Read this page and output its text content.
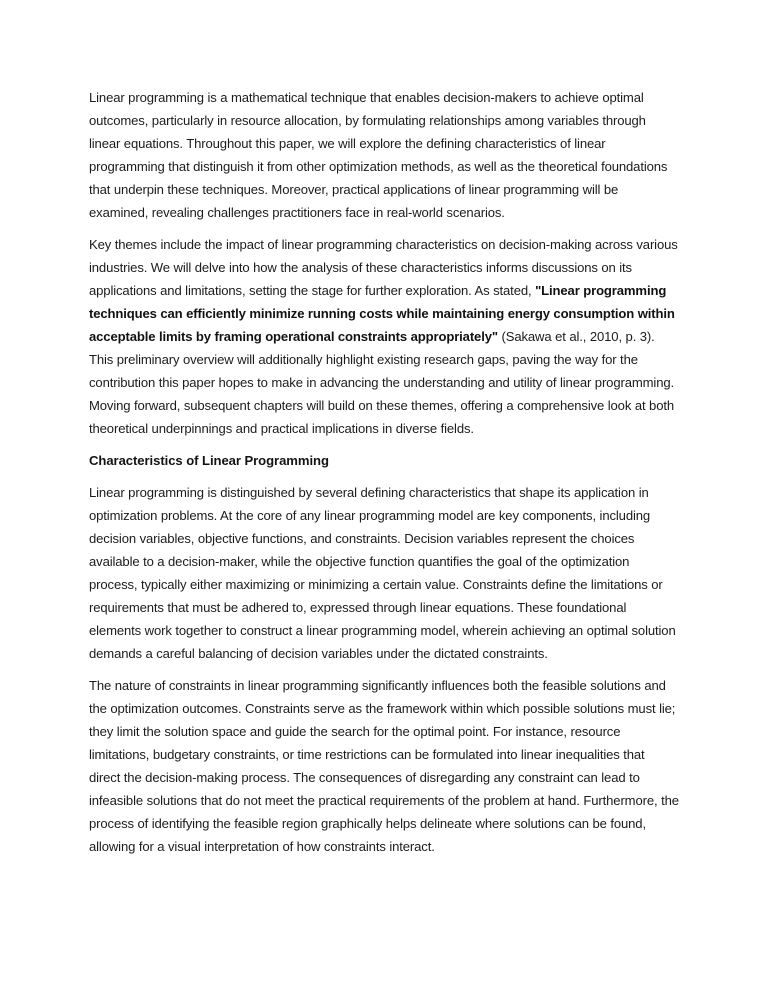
Linear programming is a mathematical technique that enables decision-makers to achieve optimal outcomes, particularly in resource allocation, by formulating relationships among variables through linear equations. Throughout this paper, we will explore the defining characteristics of linear programming that distinguish it from other optimization methods, as well as the theoretical foundations that underpin these techniques. Moreover, practical applications of linear programming will be examined, revealing challenges practitioners face in real-world scenarios.

Key themes include the impact of linear programming characteristics on decision-making across various industries. We will delve into how the analysis of these characteristics informs discussions on its applications and limitations, setting the stage for further exploration. As stated, "Linear programming techniques can efficiently minimize running costs while maintaining energy consumption within acceptable limits by framing operational constraints appropriately" (Sakawa et al., 2010, p. 3). This preliminary overview will additionally highlight existing research gaps, paving the way for the contribution this paper hopes to make in advancing the understanding and utility of linear programming. Moving forward, subsequent chapters will build on these themes, offering a comprehensive look at both theoretical underpinnings and practical implications in diverse fields.

Characteristics of Linear Programming

Linear programming is distinguished by several defining characteristics that shape its application in optimization problems. At the core of any linear programming model are key components, including decision variables, objective functions, and constraints. Decision variables represent the choices available to a decision-maker, while the objective function quantifies the goal of the optimization process, typically either maximizing or minimizing a certain value. Constraints define the limitations or requirements that must be adhered to, expressed through linear equations. These foundational elements work together to construct a linear programming model, wherein achieving an optimal solution demands a careful balancing of decision variables under the dictated constraints.

The nature of constraints in linear programming significantly influences both the feasible solutions and the optimization outcomes. Constraints serve as the framework within which possible solutions must lie; they limit the solution space and guide the search for the optimal point. For instance, resource limitations, budgetary constraints, or time restrictions can be formulated into linear inequalities that direct the decision-making process. The consequences of disregarding any constraint can lead to infeasible solutions that do not meet the practical requirements of the problem at hand. Furthermore, the process of identifying the feasible region graphically helps delineate where solutions can be found, allowing for a visual interpretation of how constraints interact.
